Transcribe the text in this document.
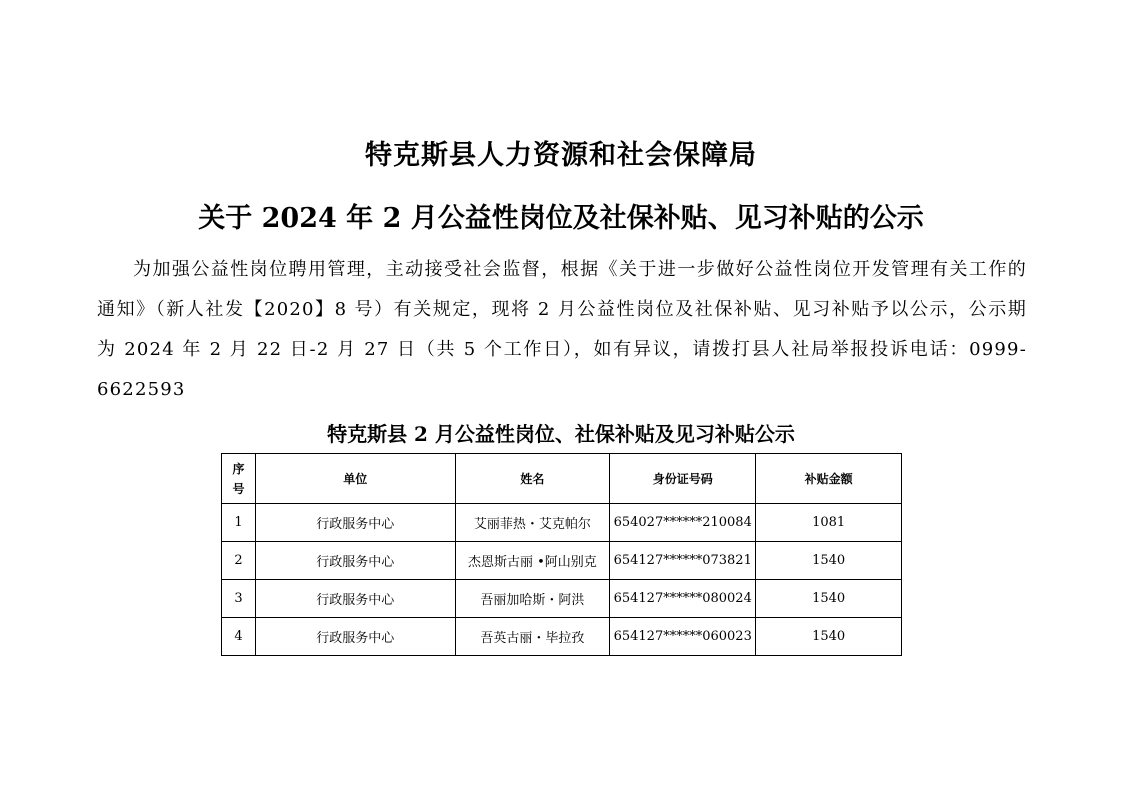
特克斯县人力资源和社会保障局
关于 2024 年 2 月公益性岗位及社保补贴、见习补贴的公示

为加强公益性岗位聘用管理，主动接受社会监督，根据《关于进一步做好公益性岗位开发管理有关工作的通知》（新人社发【2020】8 号）有关规定，现将 2 月公益性岗位及社保补贴、见习补贴予以公示，公示期为 2024 年 2 月 22 日-2 月 27 日（共 5 个工作日），如有异议，请拨打县人社局举报投诉电话：0999-6622593

特克斯县 2 月公益性岗位、社保补贴及见习补贴公示
序
号	单位	姓名	身份证号码	补贴金额
1	行政服务中心	艾丽菲热・艾克帕尔	654027******210084	1081
2	行政服务中心	杰恩斯古丽 •阿山别克	654127******073821	1540
3	行政服务中心	吾丽加哈斯・阿洪	654127******080024	1540
4	行政服务中心	吾英古丽・毕拉孜	654127******060023	1540
